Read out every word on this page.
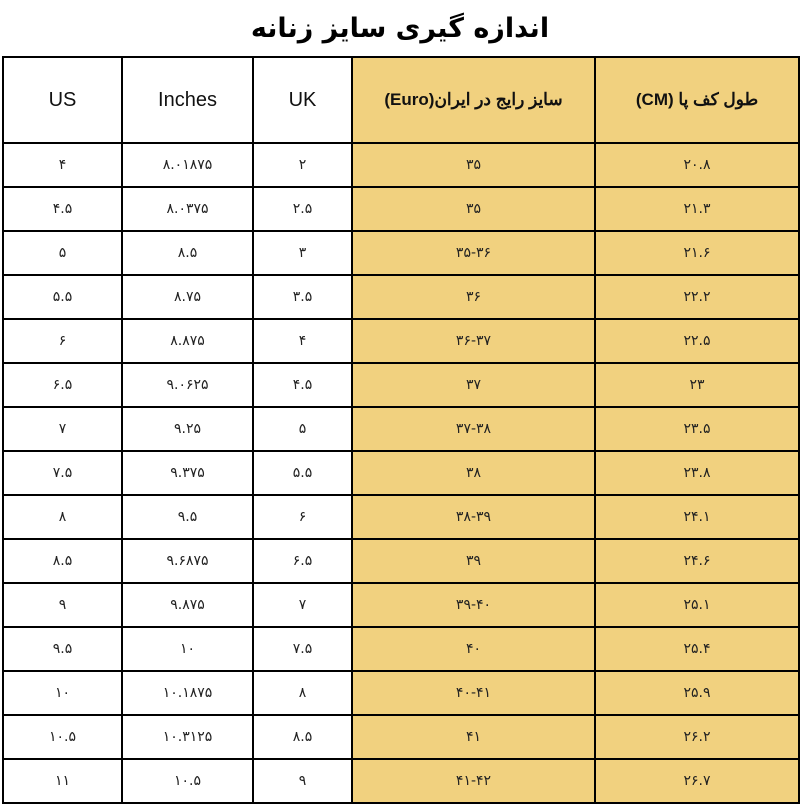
اندازه گیری سایز زنانه
US	Inches	UK	سایز رایج در ایران(Euro)	طول کف پا (CM)
۴	۸.۰۱۸۷۵	۲	۳۵	۲۰.۸
۴.۵	۸.۰۳۷۵	۲.۵	۳۵	۲۱.۳
۵	۸.۵	۳	۳۵-۳۶	۲۱.۶
۵.۵	۸.۷۵	۳.۵	۳۶	۲۲.۲
۶	۸.۸۷۵	۴	۳۶-۳۷	۲۲.۵
۶.۵	۹.۰۶۲۵	۴.۵	۳۷	۲۳
۷	۹.۲۵	۵	۳۷-۳۸	۲۳.۵
۷.۵	۹.۳۷۵	۵.۵	۳۸	۲۳.۸
۸	۹.۵	۶	۳۸-۳۹	۲۴.۱
۸.۵	۹.۶۸۷۵	۶.۵	۳۹	۲۴.۶
۹	۹.۸۷۵	۷	۳۹-۴۰	۲۵.۱
۹.۵	۱۰	۷.۵	۴۰	۲۵.۴
۱۰	۱۰.۱۸۷۵	۸	۴۰-۴۱	۲۵.۹
۱۰.۵	۱۰.۳۱۲۵	۸.۵	۴۱	۲۶.۲
۱۱	۱۰.۵	۹	۴۱-۴۲	۲۶.۷
